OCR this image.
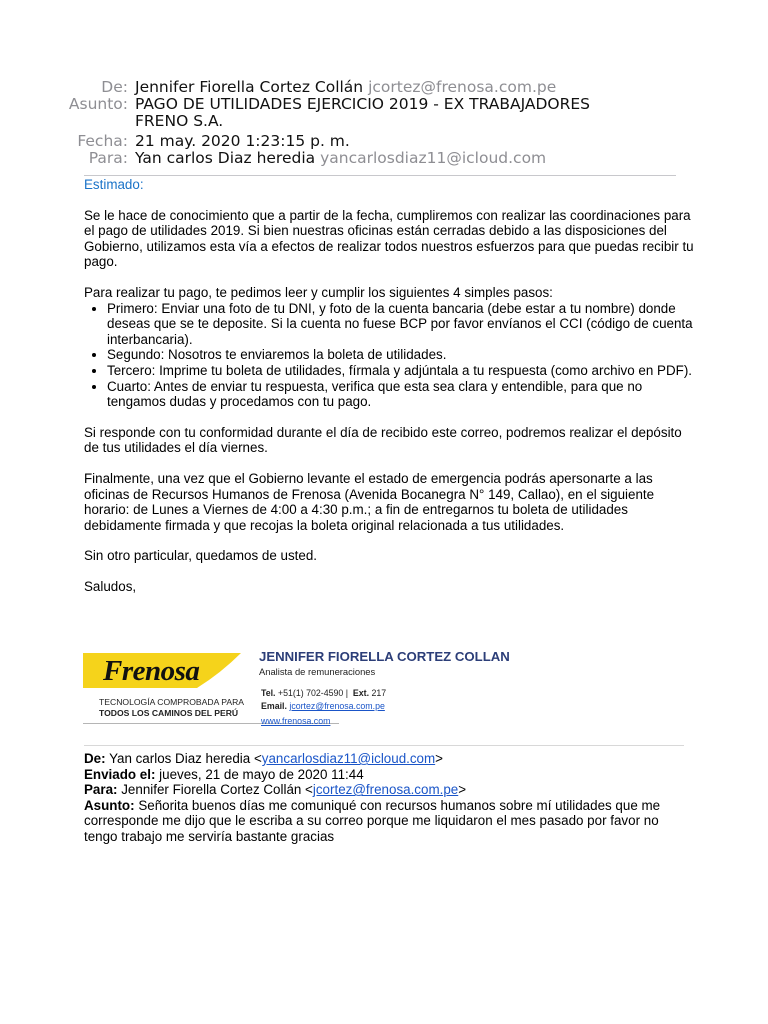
De: Jennifer Fiorella Cortez Collán jcortez@frenosa.com.pe
Asunto: PAGO DE UTILIDADES EJERCICIO 2019 - EX TRABAJADORES
FRENO S.A.
Fecha: 21 may. 2020 1:23:15 p. m.
Para: Yan carlos Diaz heredia yancarlosdiaz11@icloud.com

Estimado:

Se le hace de conocimiento que a partir de la fecha, cumpliremos con realizar las coordinaciones para el pago de utilidades 2019. Si bien nuestras oficinas están cerradas debido a las disposiciones del Gobierno, utilizamos esta vía a efectos de realizar todos nuestros esfuerzos para que puedas recibir tu pago.

Para realizar tu pago, te pedimos leer y cumplir los siguientes 4 simples pasos:

• Primero: Enviar una foto de tu DNI, y foto de la cuenta bancaria (debe estar a tu nombre) donde deseas que se te deposite. Si la cuenta no fuese BCP por favor envíanos el CCI (código de cuenta interbancaria).
• Segundo: Nosotros te enviaremos la boleta de utilidades.
• Tercero: Imprime tu boleta de utilidades, fírmala y adjúntala a tu respuesta (como archivo en PDF).
• Cuarto: Antes de enviar tu respuesta, verifica que esta sea clara y entendible, para que no tengamos dudas y procedamos con tu pago.

Si responde con tu conformidad durante el día de recibido este correo, podremos realizar el depósito de tus utilidades el día viernes.

Finalmente, una vez que el Gobierno levante el estado de emergencia podrás apersonarte a las oficinas de Recursos Humanos de Frenosa (Avenida Bocanegra N° 149, Callao), en el siguiente horario: de Lunes a Viernes de 4:00 a 4:30 p.m.; a fin de entregarnos tu boleta de utilidades debidamente firmada y que recojas la boleta original relacionada a tus utilidades.

Sin otro particular, quedamos de usted.

Saludos,

Frenosa
TECNOLOGÍA COMPROBADA PARA
TODOS LOS CAMINOS DEL PERÚ
JENNIFER FIORELLA CORTEZ COLLAN
Analista de remuneraciones
Tel. +51(1) 702-4590 | Ext. 217
Email. jcortez@frenosa.com.pe
www.frenosa.com

De: Yan carlos Diaz heredia <yancarlosdiaz11@icloud.com>

Enviado el: jueves, 21 de mayo de 2020 11:44

Para: Jennifer Fiorella Cortez Collán <jcortez@frenosa.com.pe>

Asunto: Señorita buenos días me comuniqué con recursos humanos sobre mí utilidades que me corresponde me dijo que le escriba a su correo porque me liquidaron el mes pasado por favor no tengo trabajo me serviría bastante gracias
